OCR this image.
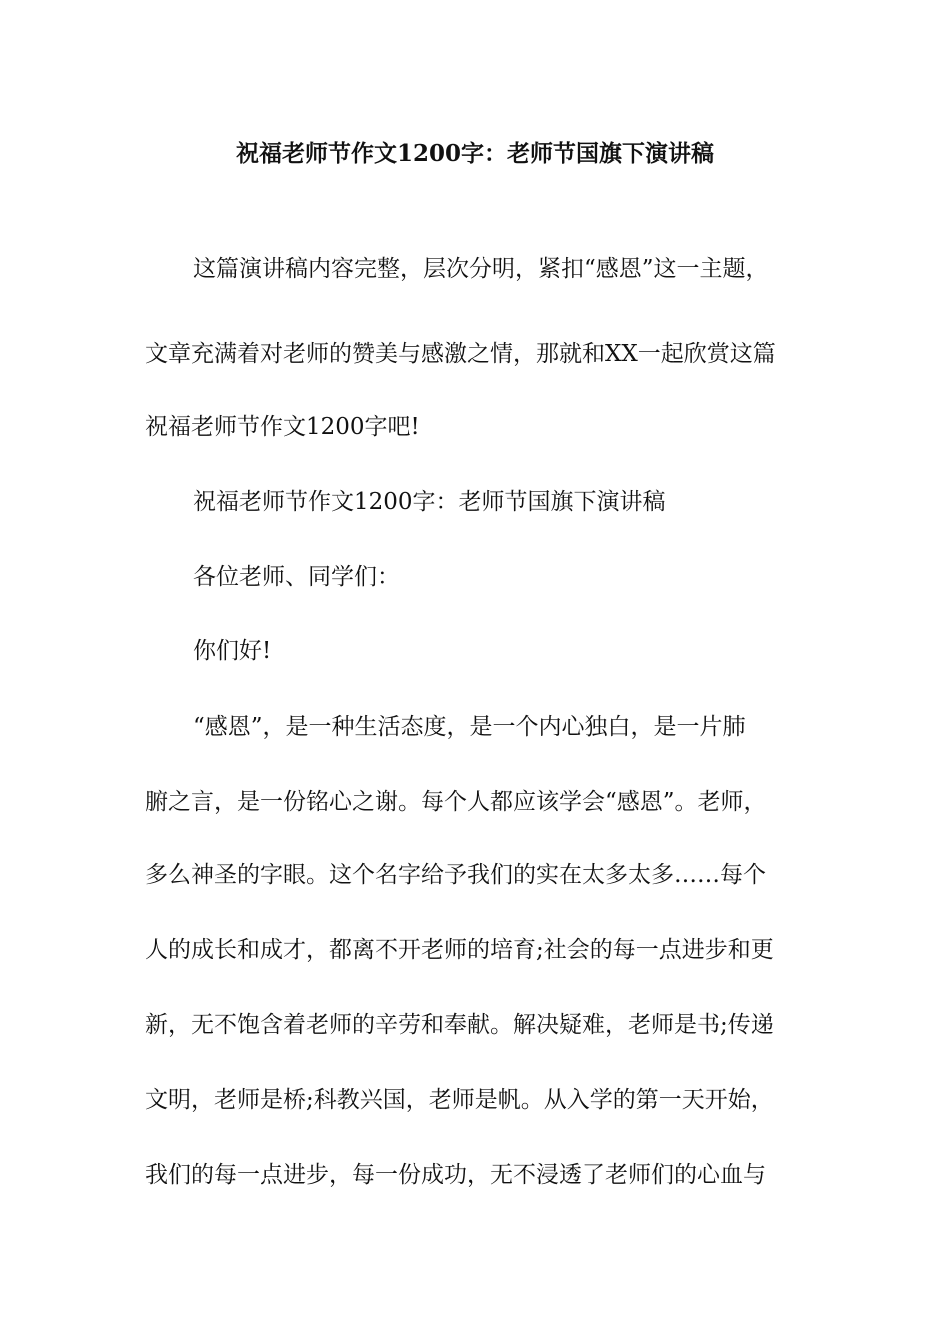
祝福老师节作文1200字：老师节国旗下演讲稿
这篇演讲稿内容完整，层次分明，紧扣“感恩”这一主题，
文章充满着对老师的赞美与感激之情，那就和XX一起欣赏这篇
祝福老师节作文1200字吧!
祝福老师节作文1200字：老师节国旗下演讲稿
各位老师、同学们：
你们好!
“感恩”，是一种生活态度，是一个内心独白，是一片肺
腑之言，是一份铭心之谢。每个人都应该学会“感恩”。老师，
多么神圣的字眼。这个名字给予我们的实在太多太多……每个
人的成长和成才，都离不开老师的培育;社会的每一点进步和更
新，无不饱含着老师的辛劳和奉献。解决疑难，老师是书;传递
文明，老师是桥;科教兴国，老师是帆。从入学的第一天开始，
我们的每一点进步，每一份成功，无不浸透了老师们的心血与
